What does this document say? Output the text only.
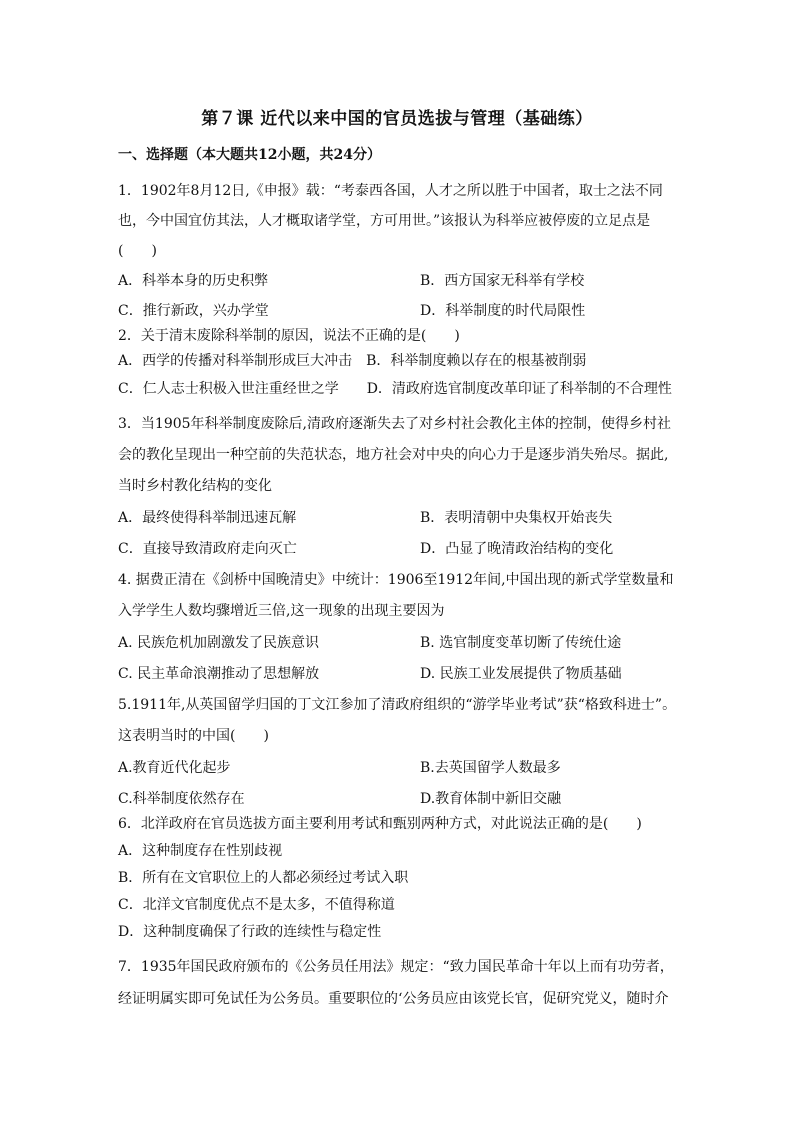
第７课 近代以来中国的官员选拔与管理（基础练）
一、选择题（本大题共12小题，共24分）
1．1902年8月12日,《申报》载：“考泰西各国，人才之所以胜于中国者，取士之法不同
也，今中国宜仿其法，人才概取诸学堂，方可用世。”该报认为科举应被停废的立足点是
(　　)
A．科举本身的历史积弊	B．西方国家无科举有学校
C．推行新政，兴办学堂	D．科举制度的时代局限性
2．关于清末废除科举制的原因，说法不正确的是(　　)
A．西学的传播对科举制形成巨大冲击　B．科举制度赖以存在的根基被削弱
C．仁人志士积极入世注重经世之学　　D．清政府选官制度改革印证了科举制的不合理性
3．当1905年科举制度废除后,清政府逐渐失去了对乡村社会教化主体的控制，使得乡村社
会的教化呈现出一种空前的失范状态，地方社会对中央的向心力于是逐步消失殆尽。据此,
当时乡村教化结构的变化
A．最终使得科举制迅速瓦解	B．表明清朝中央集权开始丧失
C．直接导致清政府走向灭亡	D．凸显了晚清政治结构的变化
4. 据费正清在《剑桥中国晚清史》中统计：1906至1912年间,中国出现的新式学堂数量和
入学学生人数均骤增近三倍,这一现象的出现主要因为
A. 民族危机加剧激发了民族意识	B. 选官制度变革切断了传统仕途
C. 民主革命浪潮推动了思想解放	D. 民族工业发展提供了物质基础
5.1911年,从英国留学归国的丁文江参加了清政府组织的“游学毕业考试”获“格致科进士”。
这表明当时的中国(　　)
A.教育近代化起步	B.去英国留学人数最多
C.科举制度依然存在	D.教育体制中新旧交融
6．北洋政府在官员选拔方面主要利用考试和甄别两种方式，对此说法正确的是(　　)
A．这种制度存在性别歧视
B．所有在文官职位上的人都必须经过考试入职
C．北洋文官制度优点不是太多，不值得称道
D．这种制度确保了行政的连续性与稳定性
7．1935年国民政府颁布的《公务员任用法》规定：“致力国民革命十年以上而有功劳者，
经证明属实即可免试任为公务员。重要职位的‘公务员应由该党长官，促研究党义，随时介
